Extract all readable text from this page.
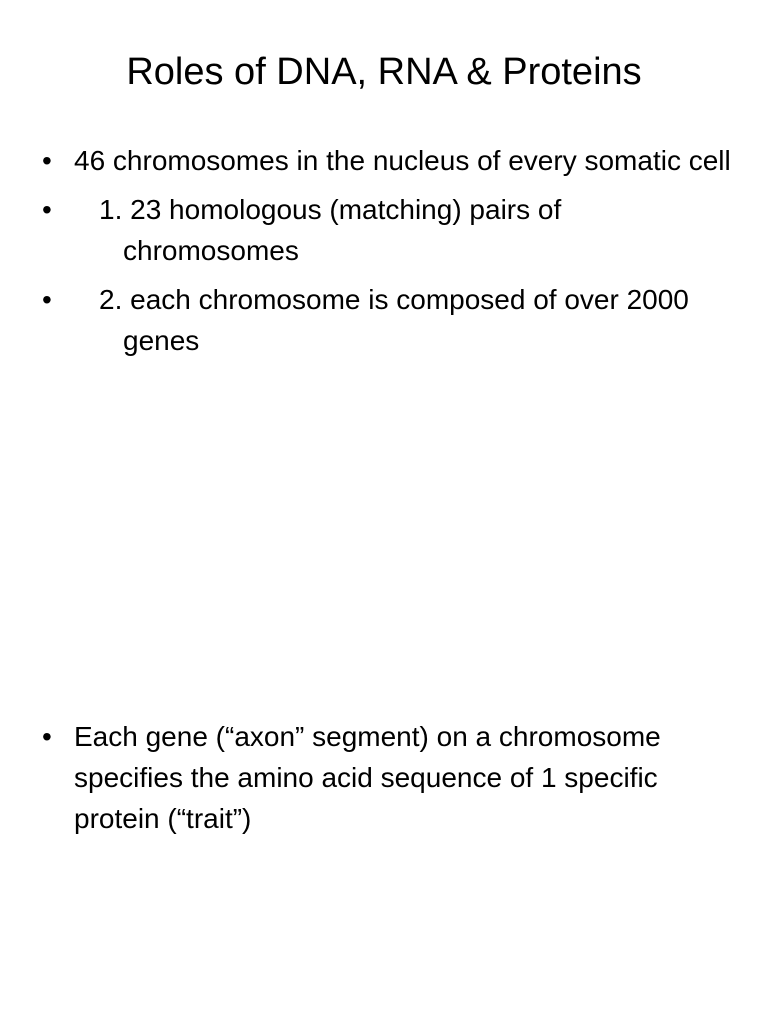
Roles of DNA, RNA & Proteins
• 46 chromosomes in the nucleus of every somatic cell
•	1. 23 homologous (matching) pairs of chromosomes
•	2. each chromosome is composed of over 2000 genes
• Each gene (“axon” segment) on a chromosome specifies the amino acid sequence of 1 specific protein (“trait”)
